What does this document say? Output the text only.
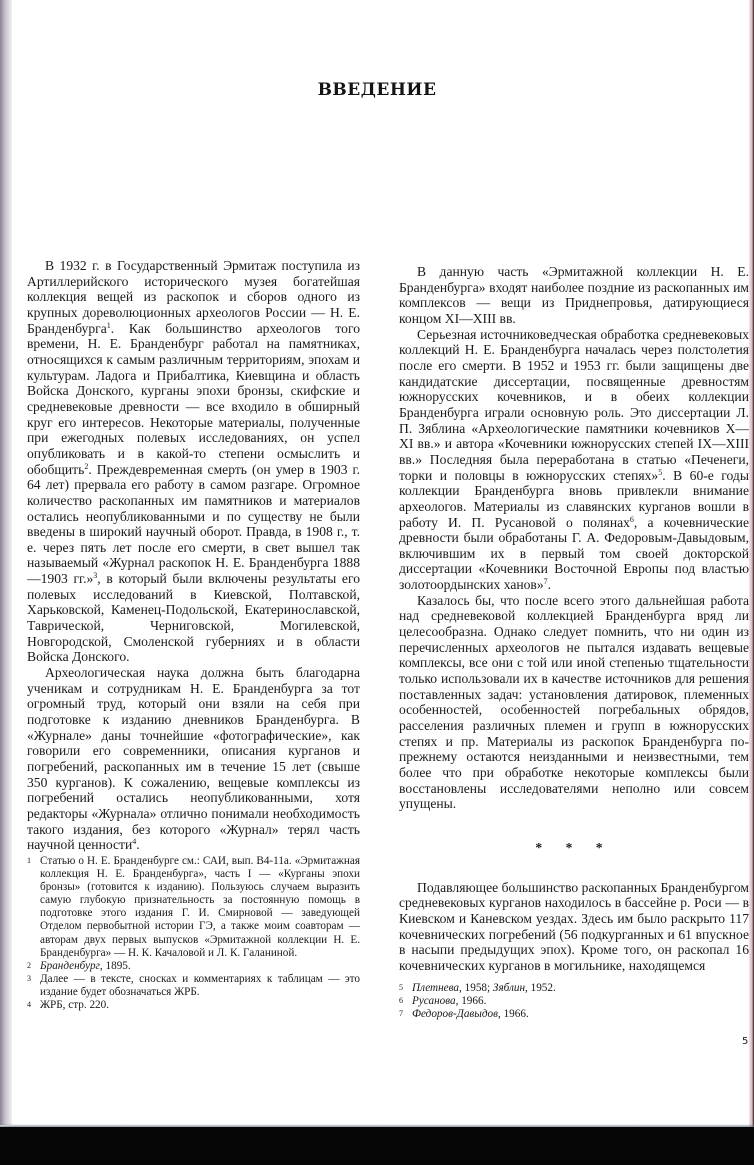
ВВЕДЕНИЕ

В 1932 г. в Государственный Эрмитаж поступила из Артиллерийского исторического музея богатейшая коллекция вещей из раскопок и сборов одного из крупных дореволюционных археологов России — Н. Е. Бранденбурга$^1$. Как большинство археологов того времени, Н. Е. Бранденбург работал на памятниках, относящихся к самым различным территориям, эпохам и культурам. Ладога и Прибалтика, Киевщина и область Войска Донского, курганы эпохи бронзы, скифские и средневековые древности — все входило в обширный круг его интересов. Некоторые материалы, полученные при ежегодных полевых исследованиях, он успел опубликовать и в какой-то степени осмыслить и обобщить$^2$. Преждевременная смерть (он умер в 1903 г. 64 лет) прервала его работу в самом разгаре. Огромное количество раскопанных им памятников и материалов остались неопубликованными и по существу не были введены в широкий научный оборот. Правда, в 1908 г., т. е. через пять лет после его смерти, в свет вышел так называемый «Журнал раскопок Н. Е. Бранденбурга 1888—1903 гг.»$^3$, в который были включены результаты его полевых исследований в Киевской, Полтавской, Харьковской, Каменец-Подольской, Екатеринославской, Таврической, Черниговской, Могилевской, Новгородской, Смоленской губерниях и в области Войска Донского.

Археологическая наука должна быть благодарна ученикам и сотрудникам Н. Е. Бранденбурга за тот огромный труд, который они взяли на себя при подготовке к изданию дневников Бранденбурга. В «Журнале» даны точнейшие «фотографические», как говорили его современники, описания курганов и погребений, раскопанных им в течение 15 лет (свыше 350 курганов). К сожалению, вещевые комплексы из погребений остались неопубликованными, хотя редакторы «Журнала» отлично понимали необходимость такого издания, без которого «Журнал» терял часть научной ценности$^4$.

В данную часть «Эрмитажной коллекции Н. Е. Бранденбурга» входят наиболее поздние из раскопанных им комплексов — вещи из Приднепровья, датирующиеся концом XI—XIII вв.

Серьезная источниковедческая обработка средневековых коллекций Н. Е. Бранденбурга началась через полстолетия после его смерти. В 1952 и 1953 гг. были защищены две кандидатские диссертации, посвященные древностям южнорусских кочевников, и в обеих коллекции Бранденбурга играли основную роль. Это диссертации Л. П. Зяблина «Археологические памятники кочевников X—XI вв.» и автора «Кочевники южнорусских степей IX—XIII вв.» Последняя была переработана в статью «Печенеги, торки и половцы в южнорусских степях»$^5$. В 60-е годы коллекции Бранденбурга вновь привлекли внимание археологов. Материалы из славянских курганов вошли в работу И. П. Русановой о полянах$^6$, а кочевнические древности были обработаны Г. А. Федоровым-Давыдовым, включившим их в первый том своей докторской диссертации «Кочевники Восточной Европы под властью золотоордынских ханов»$^7$.

Казалось бы, что после всего этого дальнейшая работа над средневековой коллекцией Бранденбурга вряд ли целесообразна. Однако следует помнить, что ни один из перечисленных археологов не пытался издавать вещевые комплексы, все они с той или иной степенью тщательности только использовали их в качестве источников для решения поставленных задач: установления датировок, племенных особенностей, особенностей погребальных обрядов, расселения различных племен и групп в южнорусских степях и пр. Материалы из раскопок Бранденбурга по-прежнему остаются неизданными и неизвестными, тем более что при обработке некоторые комплексы были восстановлены исследователями неполно или совсем упущены.

* * *

Подавляющее большинство раскопанных Бранденбургом средневековых курганов находилось в бассейне р. Роси — в Киевском и Каневском уездах. Здесь им было раскрыто 117 кочевнических погребений (56 подкурганных и 61 впускное в насыпи предыдущих эпох). Кроме того, он раскопал 16 кочевнических курганов в могильнике, находящемся

1 Статью о Н. Е. Бранденбурге см.: САИ, вып. В4-11а. «Эрмитажная коллекция Н. Е. Бранденбурга», часть I — «Курганы эпохи бронзы» (готовится к изданию). Пользуюсь случаем выразить самую глубокую признательность за постоянную помощь в подготовке этого издания Г. И. Смирновой — заведующей Отделом первобытной истории ГЭ, а также моим соавторам — авторам двух первых выпусков «Эрмитажной коллекции Н. Е. Бранденбурга» — Н. К. Качаловой и Л. К. Галаниной.

2 Бранденбург, 1895.

3 Далее — в тексте, сносках и комментариях к таблицам — это издание будет обозначаться ЖРБ.

4 ЖРБ, стр. 220.

5 Плетнева, 1958; Зяблин, 1952.

6 Русанова, 1966.

7 Федоров-Давыдов, 1966.

5
